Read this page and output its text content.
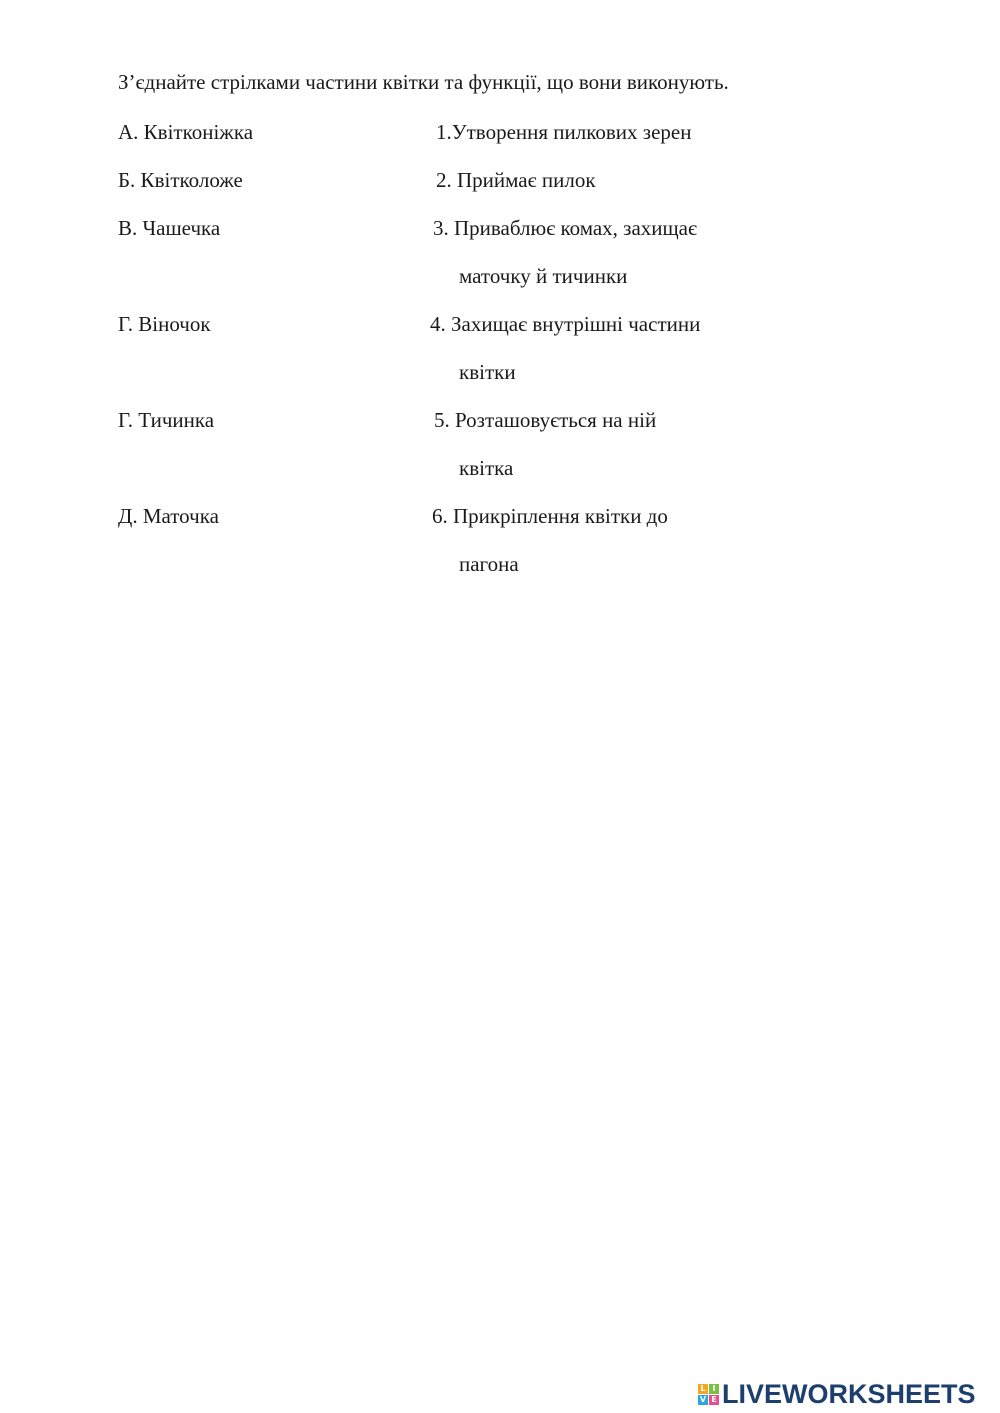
З’єднайте стрілками частини квітки та функції, що вони виконують.
А. Квітконіжка
Б. Квітколоже
В. Чашечка
Г. Віночок
Г. Тичинка
Д. Маточка
1.Утворення пилкових зерен
2. Приймає пилок
3. Приваблює комах, захищає
маточку й тичинки
4. Захищає внутрішні частини
квітки
5. Розташовується на ній
квітка
6. Прикріплення квітки до
пагона
L I
V E LIVEWORKSHEETS
